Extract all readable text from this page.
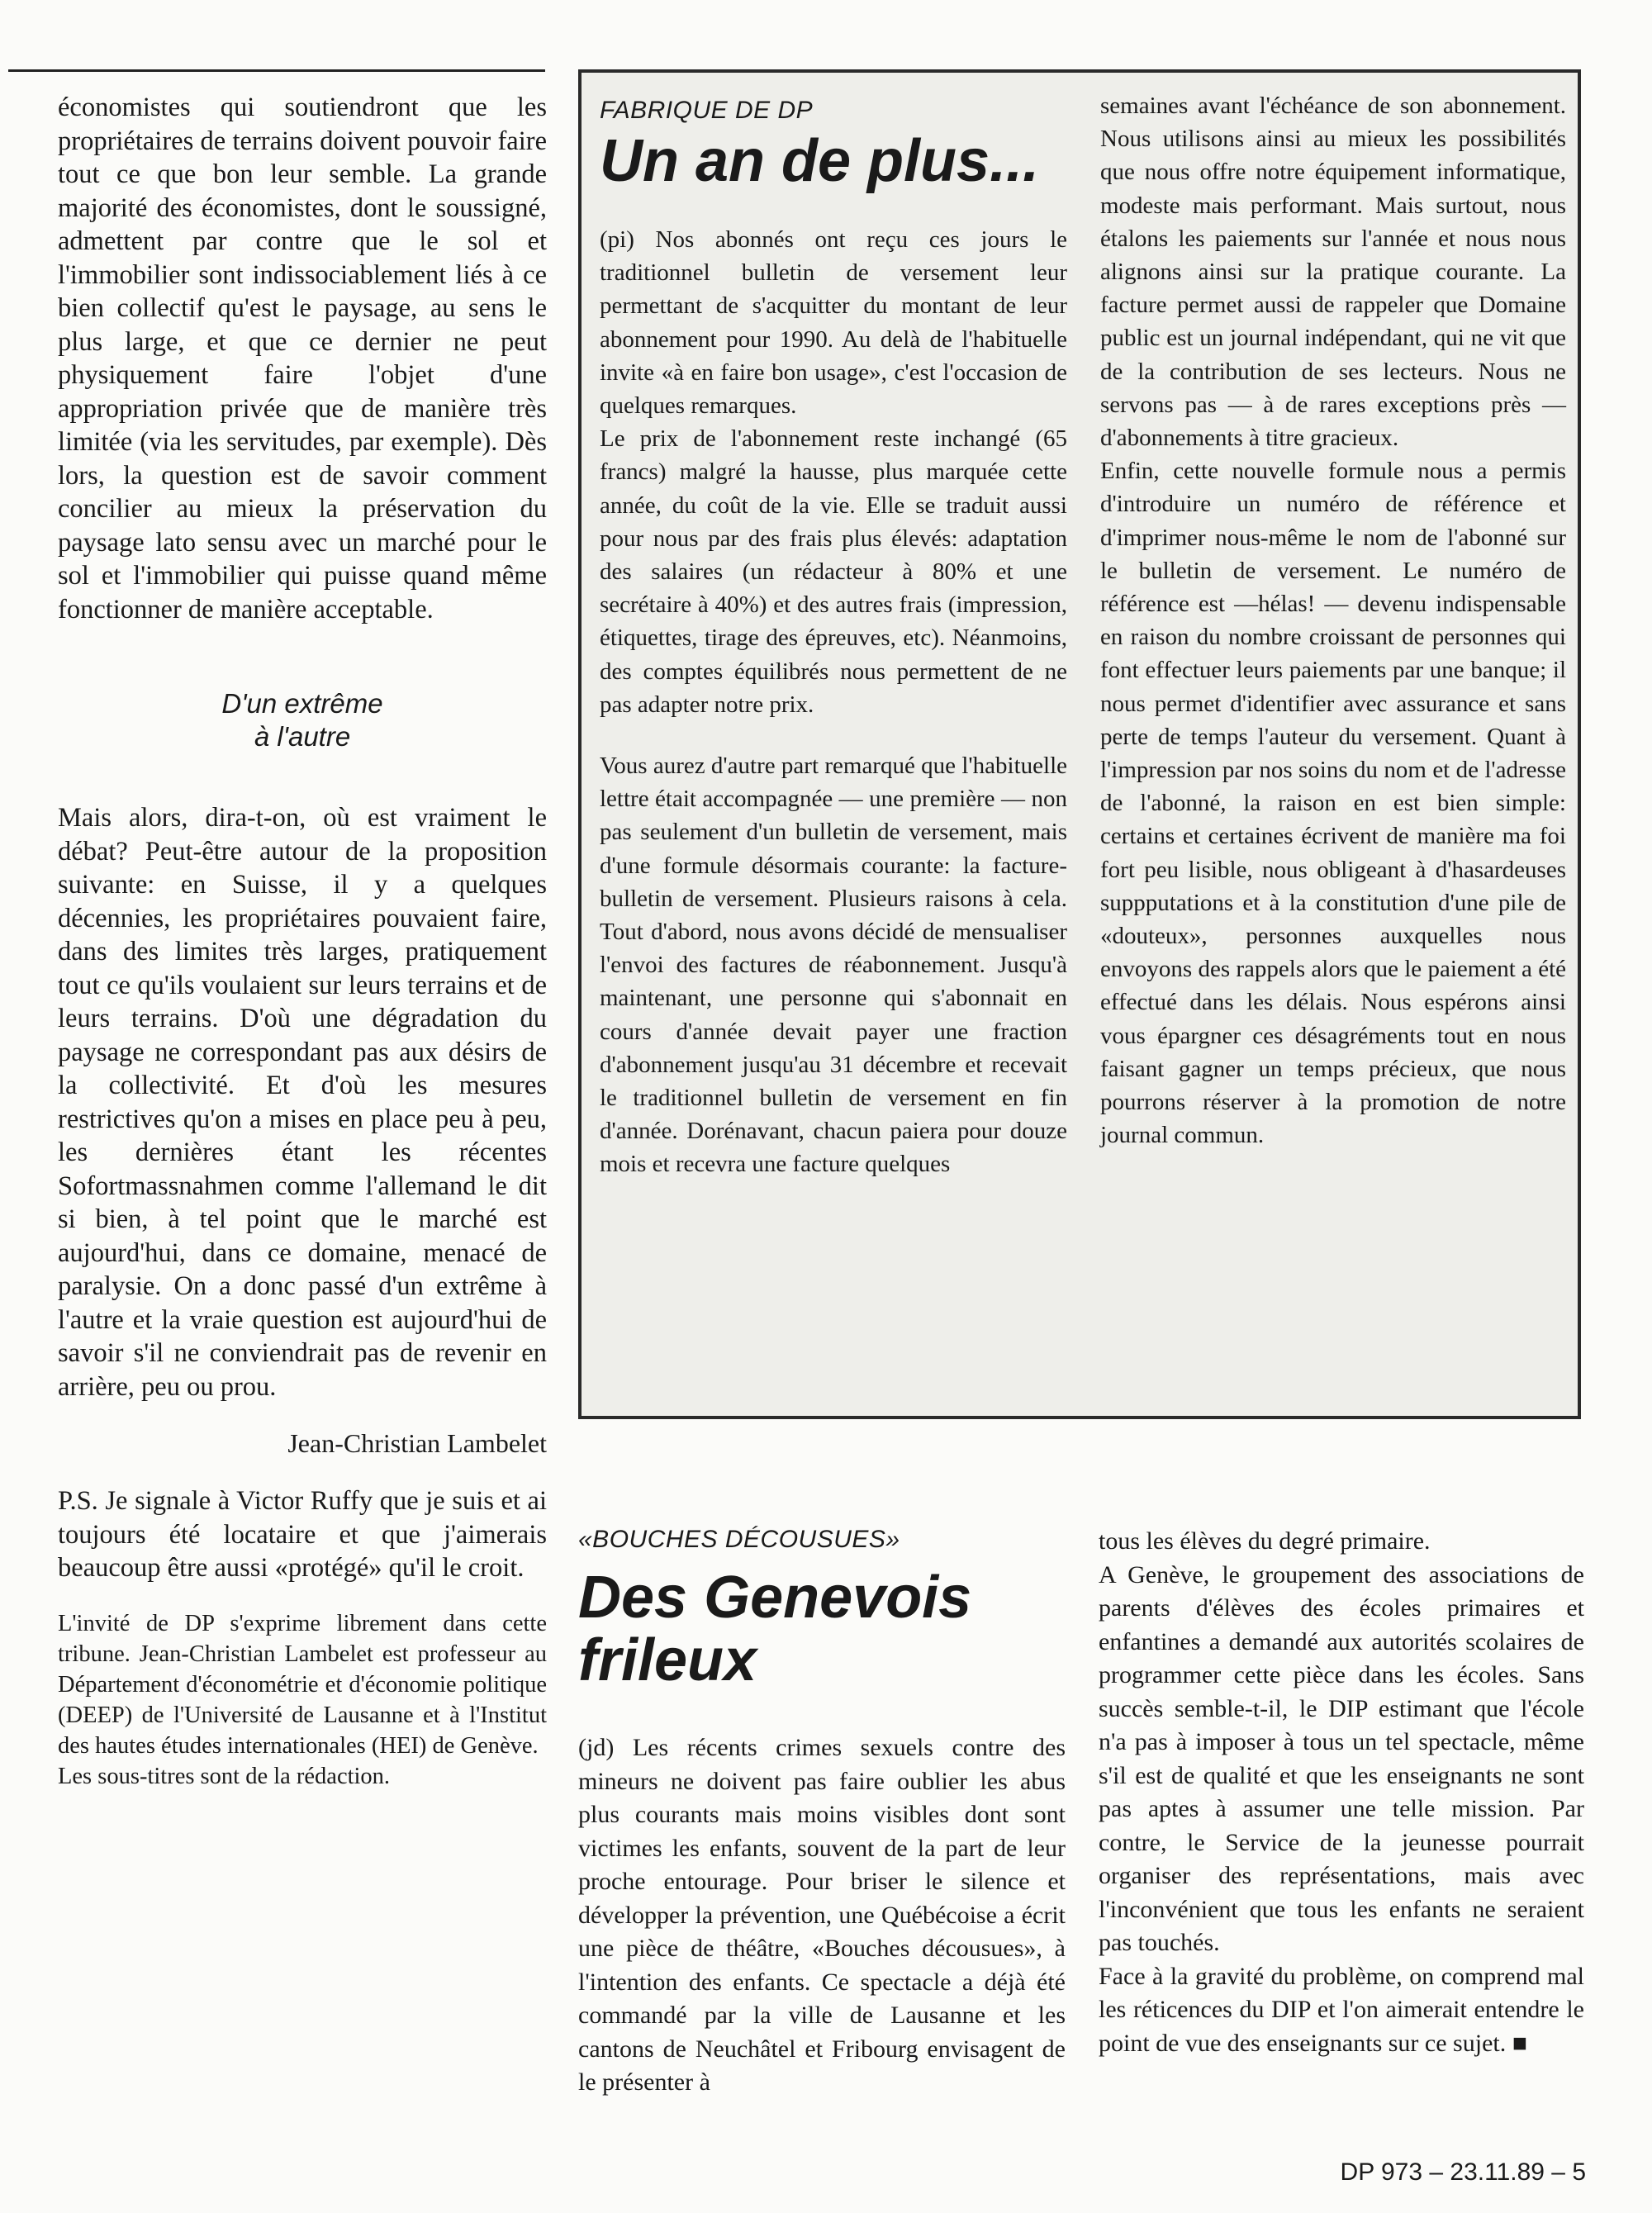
économistes qui soutiendront que les propriétaires de terrains doivent pouvoir faire tout ce que bon leur semble. La grande majorité des économistes, dont le soussigné, admettent par contre que le sol et l'immobilier sont indissociablement liés à ce bien collectif qu'est le paysage, au sens le plus large, et que ce dernier ne peut physiquement faire l'objet d'une appropriation privée que de manière très limitée (via les servitudes, par exemple). Dès lors, la question est de savoir comment concilier au mieux la préservation du paysage lato sensu avec un marché pour le sol et l'immobilier qui puisse quand même fonctionner de manière acceptable.

D'un extrême
à l'autre

Mais alors, dira-t-on, où est vraiment le débat? Peut-être autour de la proposition suivante: en Suisse, il y a quelques décennies, les propriétaires pouvaient faire, dans des limites très larges, pratiquement tout ce qu'ils voulaient sur leurs terrains et de leurs terrains. D'où une dégradation du paysage ne correspondant pas aux désirs de la collectivité. Et d'où les mesures restrictives qu'on a mises en place peu à peu, les dernières étant les récentes Sofortmassnahmen comme l'allemand le dit si bien, à tel point que le marché est aujourd'hui, dans ce domaine, menacé de paralysie. On a donc passé d'un extrême à l'autre et la vraie question est aujourd'hui de savoir s'il ne conviendrait pas de revenir en arrière, peu ou prou.

Jean-Christian Lambelet

P.S. Je signale à Victor Ruffy que je suis et ai toujours été locataire et que j'aimerais beaucoup être aussi «protégé» qu'il le croit.

L'invité de DP s'exprime librement dans cette tribune. Jean-Christian Lambelet est professeur au Département d'économétrie et d'économie politique (DEEP) de l'Université de Lausanne et à l'Institut des hautes études internationales (HEI) de Genève.

Les sous-titres sont de la rédaction.

FABRIQUE DE DP
Un an de plus...

(pi) Nos abonnés ont reçu ces jours le traditionnel bulletin de versement leur permettant de s'acquitter du montant de leur abonnement pour 1990. Au delà de l'habituelle invite «à en faire bon usage», c'est l'occasion de quelques remarques.

Le prix de l'abonnement reste inchangé (65 francs) malgré la hausse, plus marquée cette année, du coût de la vie. Elle se traduit aussi pour nous par des frais plus élevés: adaptation des salaires (un rédacteur à 80% et une secrétaire à 40%) et des autres frais (impression, étiquettes, tirage des épreuves, etc). Néanmoins, des comptes équilibrés nous permettent de ne pas adapter notre prix.

Vous aurez d'autre part remarqué que l'habituelle lettre était accompagnée — une première — non pas seulement d'un bulletin de versement, mais d'une formule désormais courante: la facture-bulletin de versement. Plusieurs raisons à cela. Tout d'abord, nous avons décidé de mensualiser l'envoi des factures de réabonnement. Jusqu'à maintenant, une personne qui s'abonnait en cours d'année devait payer une fraction d'abonnement jusqu'au 31 décembre et recevait le traditionnel bulletin de versement en fin d'année. Dorénavant, chacun paiera pour douze mois et recevra une facture quelques

semaines avant l'échéance de son abonnement. Nous utilisons ainsi au mieux les possibilités que nous offre notre équipement informatique, modeste mais performant. Mais surtout, nous étalons les paiements sur l'année et nous nous alignons ainsi sur la pratique courante. La facture permet aussi de rappeler que Domaine public est un journal indépendant, qui ne vit que de la contribution de ses lecteurs. Nous ne servons pas — à de rares exceptions près — d'abonnements à titre gracieux.

Enfin, cette nouvelle formule nous a permis d'introduire un numéro de référence et d'imprimer nous-même le nom de l'abonné sur le bulletin de versement. Le numéro de référence est —hélas! — devenu indispensable en raison du nombre croissant de personnes qui font effectuer leurs paiements par une banque; il nous permet d'identifier avec assurance et sans perte de temps l'auteur du versement. Quant à l'impression par nos soins du nom et de l'adresse de l'abonné, la raison en est bien simple: certains et certaines écrivent de manière ma foi fort peu lisible, nous obligeant à d'hasardeuses suppputations et à la constitution d'une pile de «douteux», personnes auxquelles nous envoyons des rappels alors que le paiement a été effectué dans les délais. Nous espérons ainsi vous épargner ces désagréments tout en nous faisant gagner un temps précieux, que nous pourrons réserver à la promotion de notre journal commun.

«BOUCHES DÉCOUSUES»
Des Genevois
frileux

(jd) Les récents crimes sexuels contre des mineurs ne doivent pas faire oublier les abus plus courants mais moins visibles dont sont victimes les enfants, souvent de la part de leur proche entourage. Pour briser le silence et développer la prévention, une Québécoise a écrit une pièce de théâtre, «Bouches décousues», à l'intention des enfants. Ce spectacle a déjà été commandé par la ville de Lausanne et les cantons de Neuchâtel et Fribourg envisagent de le présenter à

tous les élèves du degré primaire.

A Genève, le groupement des associations de parents d'élèves des écoles primaires et enfantines a demandé aux autorités scolaires de programmer cette pièce dans les écoles. Sans succès semble-t-il, le DIP estimant que l'école n'a pas à imposer à tous un tel spectacle, même s'il est de qualité et que les enseignants ne sont pas aptes à assumer une telle mission. Par contre, le Service de la jeunesse pourrait organiser des représentations, mais avec l'inconvénient que tous les enfants ne seraient pas touchés.

Face à la gravité du problème, on comprend mal les réticences du DIP et l'on aimerait entendre le point de vue des enseignants sur ce sujet. ■

DP 973 – 23.11.89 – 5
